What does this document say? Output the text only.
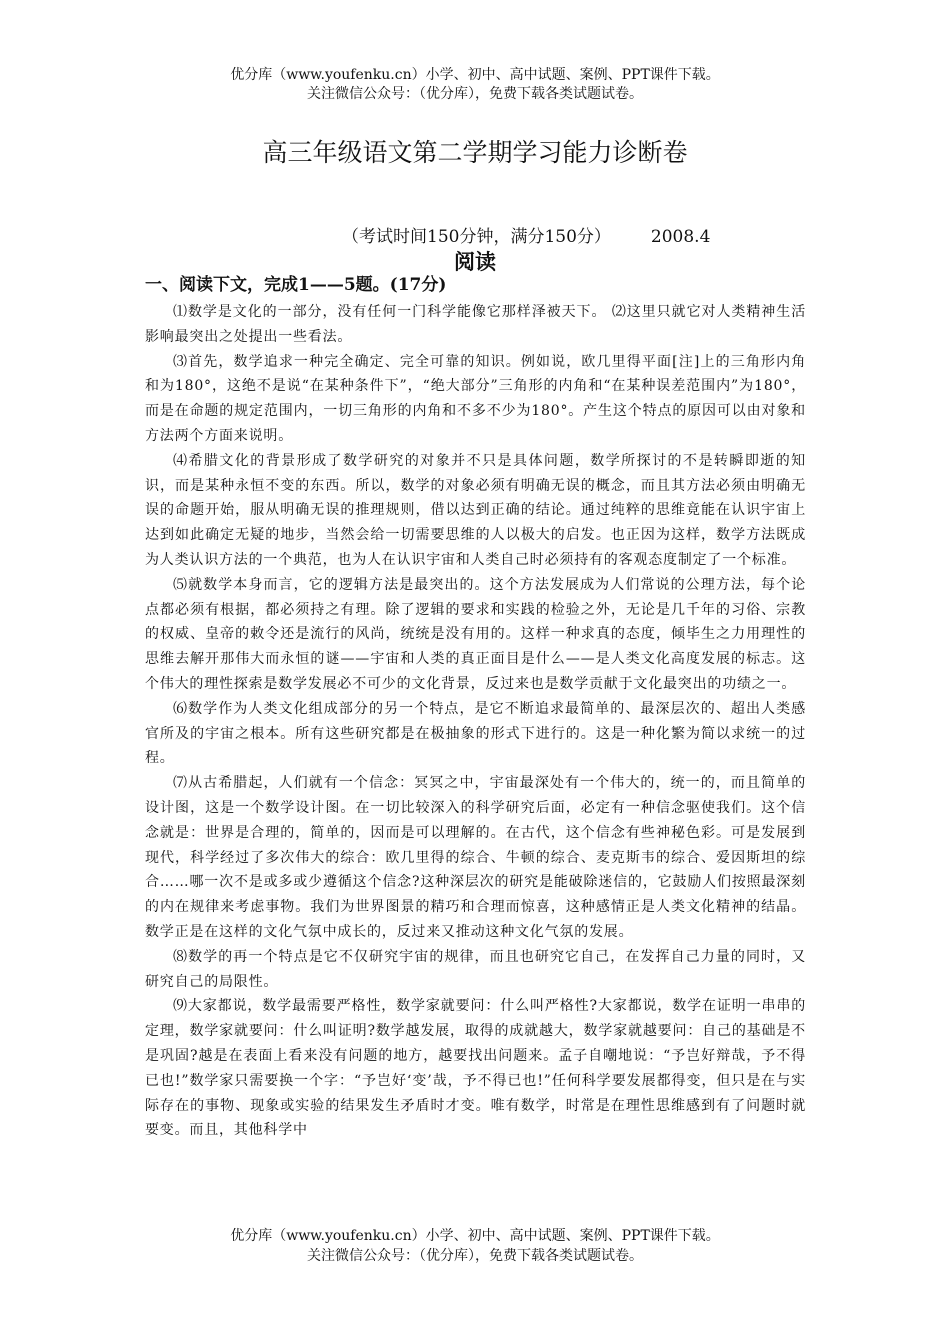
优分库（www.youfenku.cn）小学、初中、高中试题、案例、PPT课件下载。
关注微信公众号：（优分库），免费下载各类试题试卷。
高三年级语文第二学期学习能力诊断卷
（考试时间150分钟，满分150分） 2008.4
阅读
一、阅读下文，完成1——5题。(17分)

⑴数学是文化的一部分，没有任何一门科学能像它那样泽被天下。 ⑵这里只就它对人类精神生活影响最突出之处提出一些看法。

⑶首先，数学追求一种完全确定、完全可靠的知识。例如说，欧几里得平面[注]上的三角形内角和为180°，这绝不是说“在某种条件下”，“绝大部分”三角形的内角和“在某种误差范围内”为180°，而是在命题的规定范围内，一切三角形的内角和不多不少为180°。产生这个特点的原因可以由对象和方法两个方面来说明。

⑷希腊文化的背景形成了数学研究的对象并不只是具体问题，数学所探讨的不是转瞬即逝的知识，而是某种永恒不变的东西。所以，数学的对象必须有明确无误的概念，而且其方法必须由明确无误的命题开始，服从明确无误的推理规则，借以达到正确的结论。通过纯粹的思维竟能在认识宇宙上达到如此确定无疑的地步，当然会给一切需要思维的人以极大的启发。也正因为这样，数学方法既成为人类认识方法的一个典范，也为人在认识宇宙和人类自己时必须持有的客观态度制定了一个标准。

⑸就数学本身而言，它的逻辑方法是最突出的。这个方法发展成为人们常说的公理方法，每个论点都必须有根据，都必须持之有理。除了逻辑的要求和实践的检验之外，无论是几千年的习俗、宗教的权威、皇帝的敕令还是流行的风尚，统统是没有用的。这样一种求真的态度，倾毕生之力用理性的思维去解开那伟大而永恒的谜——宇宙和人类的真正面目是什么——是人类文化高度发展的标志。这个伟大的理性探索是数学发展必不可少的文化背景，反过来也是数学贡献于文化最突出的功绩之一。

⑹数学作为人类文化组成部分的另一个特点，是它不断追求最简单的、最深层次的、超出人类感官所及的宇宙之根本。所有这些研究都是在极抽象的形式下进行的。这是一种化繁为简以求统一的过程。

⑺从古希腊起，人们就有一个信念：冥冥之中，宇宙最深处有一个伟大的，统一的，而且简单的设计图，这是一个数学设计图。在一切比较深入的科学研究后面，必定有一种信念驱使我们。这个信念就是：世界是合理的，简单的，因而是可以理解的。在古代，这个信念有些神秘色彩。可是发展到现代，科学经过了多次伟大的综合：欧几里得的综合、牛顿的综合、麦克斯韦的综合、爱因斯坦的综合……哪一次不是或多或少遵循这个信念?这种深层次的研究是能破除迷信的，它鼓励人们按照最深刻的内在规律来考虑事物。我们为世界图景的精巧和合理而惊喜，这种感情正是人类文化精神的结晶。数学正是在这样的文化气氛中成长的，反过来又推动这种文化气氛的发展。

⑻数学的再一个特点是它不仅研究宇宙的规律，而且也研究它自己，在发挥自己力量的同时，又研究自己的局限性。

⑼大家都说，数学最需要严格性，数学家就要问：什么叫严格性?大家都说，数学在证明一串串的定理，数学家就要问：什么叫证明?数学越发展，取得的成就越大，数学家就越要问：自己的基础是不是巩固?越是在表面上看来没有问题的地方，越要找出问题来。孟子自嘲地说：“予岂好辩哉，予不得已也!”数学家只需要换一个字：“予岂好‘变’哉，予不得已也!”任何科学要发展都得变，但只是在与实际存在的事物、现象或实验的结果发生矛盾时才变。唯有数学，时常是在理性思维感到有了问题时就要变。而且，其他科学中

优分库（www.youfenku.cn）小学、初中、高中试题、案例、PPT课件下载。
关注微信公众号：（优分库），免费下载各类试题试卷。
